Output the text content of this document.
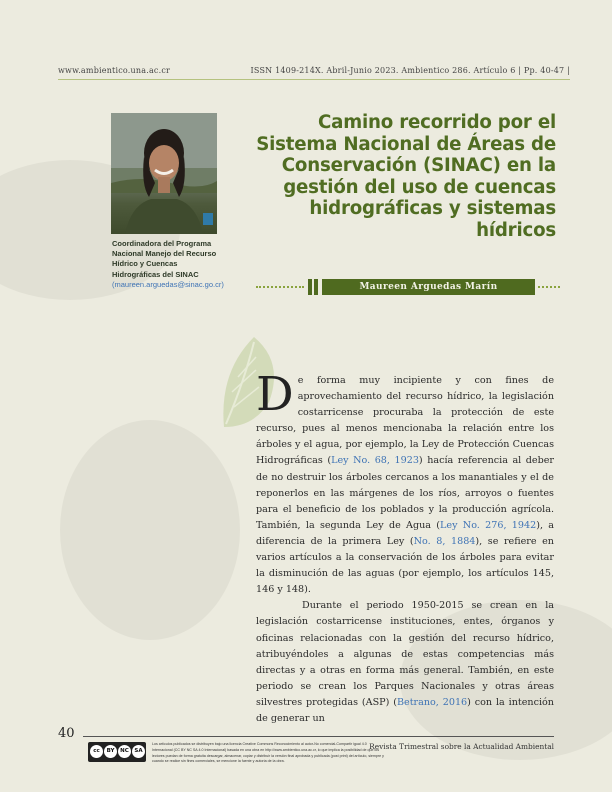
www.ambientico.una.ac.cr	ISSN 1409-214X. Abril-Junio 2023. Ambientico 286. Artículo 6 | Pp. 40-47 |
Coordinadora del Programa Nacional Manejo del Recurso Hídrico y Cuencas Hidrográficas del SINAC
(maureen.arguedas@sinac.go.cr)
Camino recorrido por el Sistema Nacional de Áreas de Conservación (SINAC) en la gestión del uso de cuencas hidrográficas y sistemas hídricos
Maureen Arguedas Marín

De forma muy incipiente y con fines de aprovechamiento del recurso hídrico, la legislación costarricense procuraba la protección de este recurso, pues al menos mencionaba la relación entre los árboles y el agua, por ejemplo, la Ley de Protección Cuencas Hidrográficas (Ley No. 68, 1923) hacía referencia al deber de no destruir los árboles cercanos a los manantiales y el de reponerlos en las márgenes de los ríos, arroyos o fuentes para el beneficio de los poblados y la producción agrícola. También, la segunda Ley de Agua (Ley No. 276, 1942), a diferencia de la primera Ley (No. 8, 1884), se refiere en varios artículos a la conservación de los árboles para evitar la disminución de las aguas (por ejemplo, los artículos 145, 146 y 148).

Durante el periodo 1950-2015 se crean en la legislación costarricense instituciones, entes, órganos y oficinas relacionadas con la gestión del recurso hídrico, atribuyéndoles a algunas de estas competencias más directas y a otras en forma más general. También, en este periodo se crean los Parques Nacionales y otras áreas silvestres protegidas (ASP) (Betrano, 2016) con la intención de generar un

40
cc	BY	NC	SA
Los artículos publicados se distribuyen bajo una licencia Creative Commons Reconocimiento al autor-No comercial-Compartir igual 4.0 Internacional (CC BY NC SA 4.0 Internacional) basada en una obra en http://www.ambientico.una.ac.cr, lo que implica la posibilidad de que los lectores puedan de forma gratuita descargar, almacenar, copiar y distribuir la versión final aprobada y publicada (post print) del artículo, siempre y cuando se realice sin fines comerciales, se mencione la fuente y autoría de la obra.
Revista Trimestral sobre la Actualidad Ambiental
